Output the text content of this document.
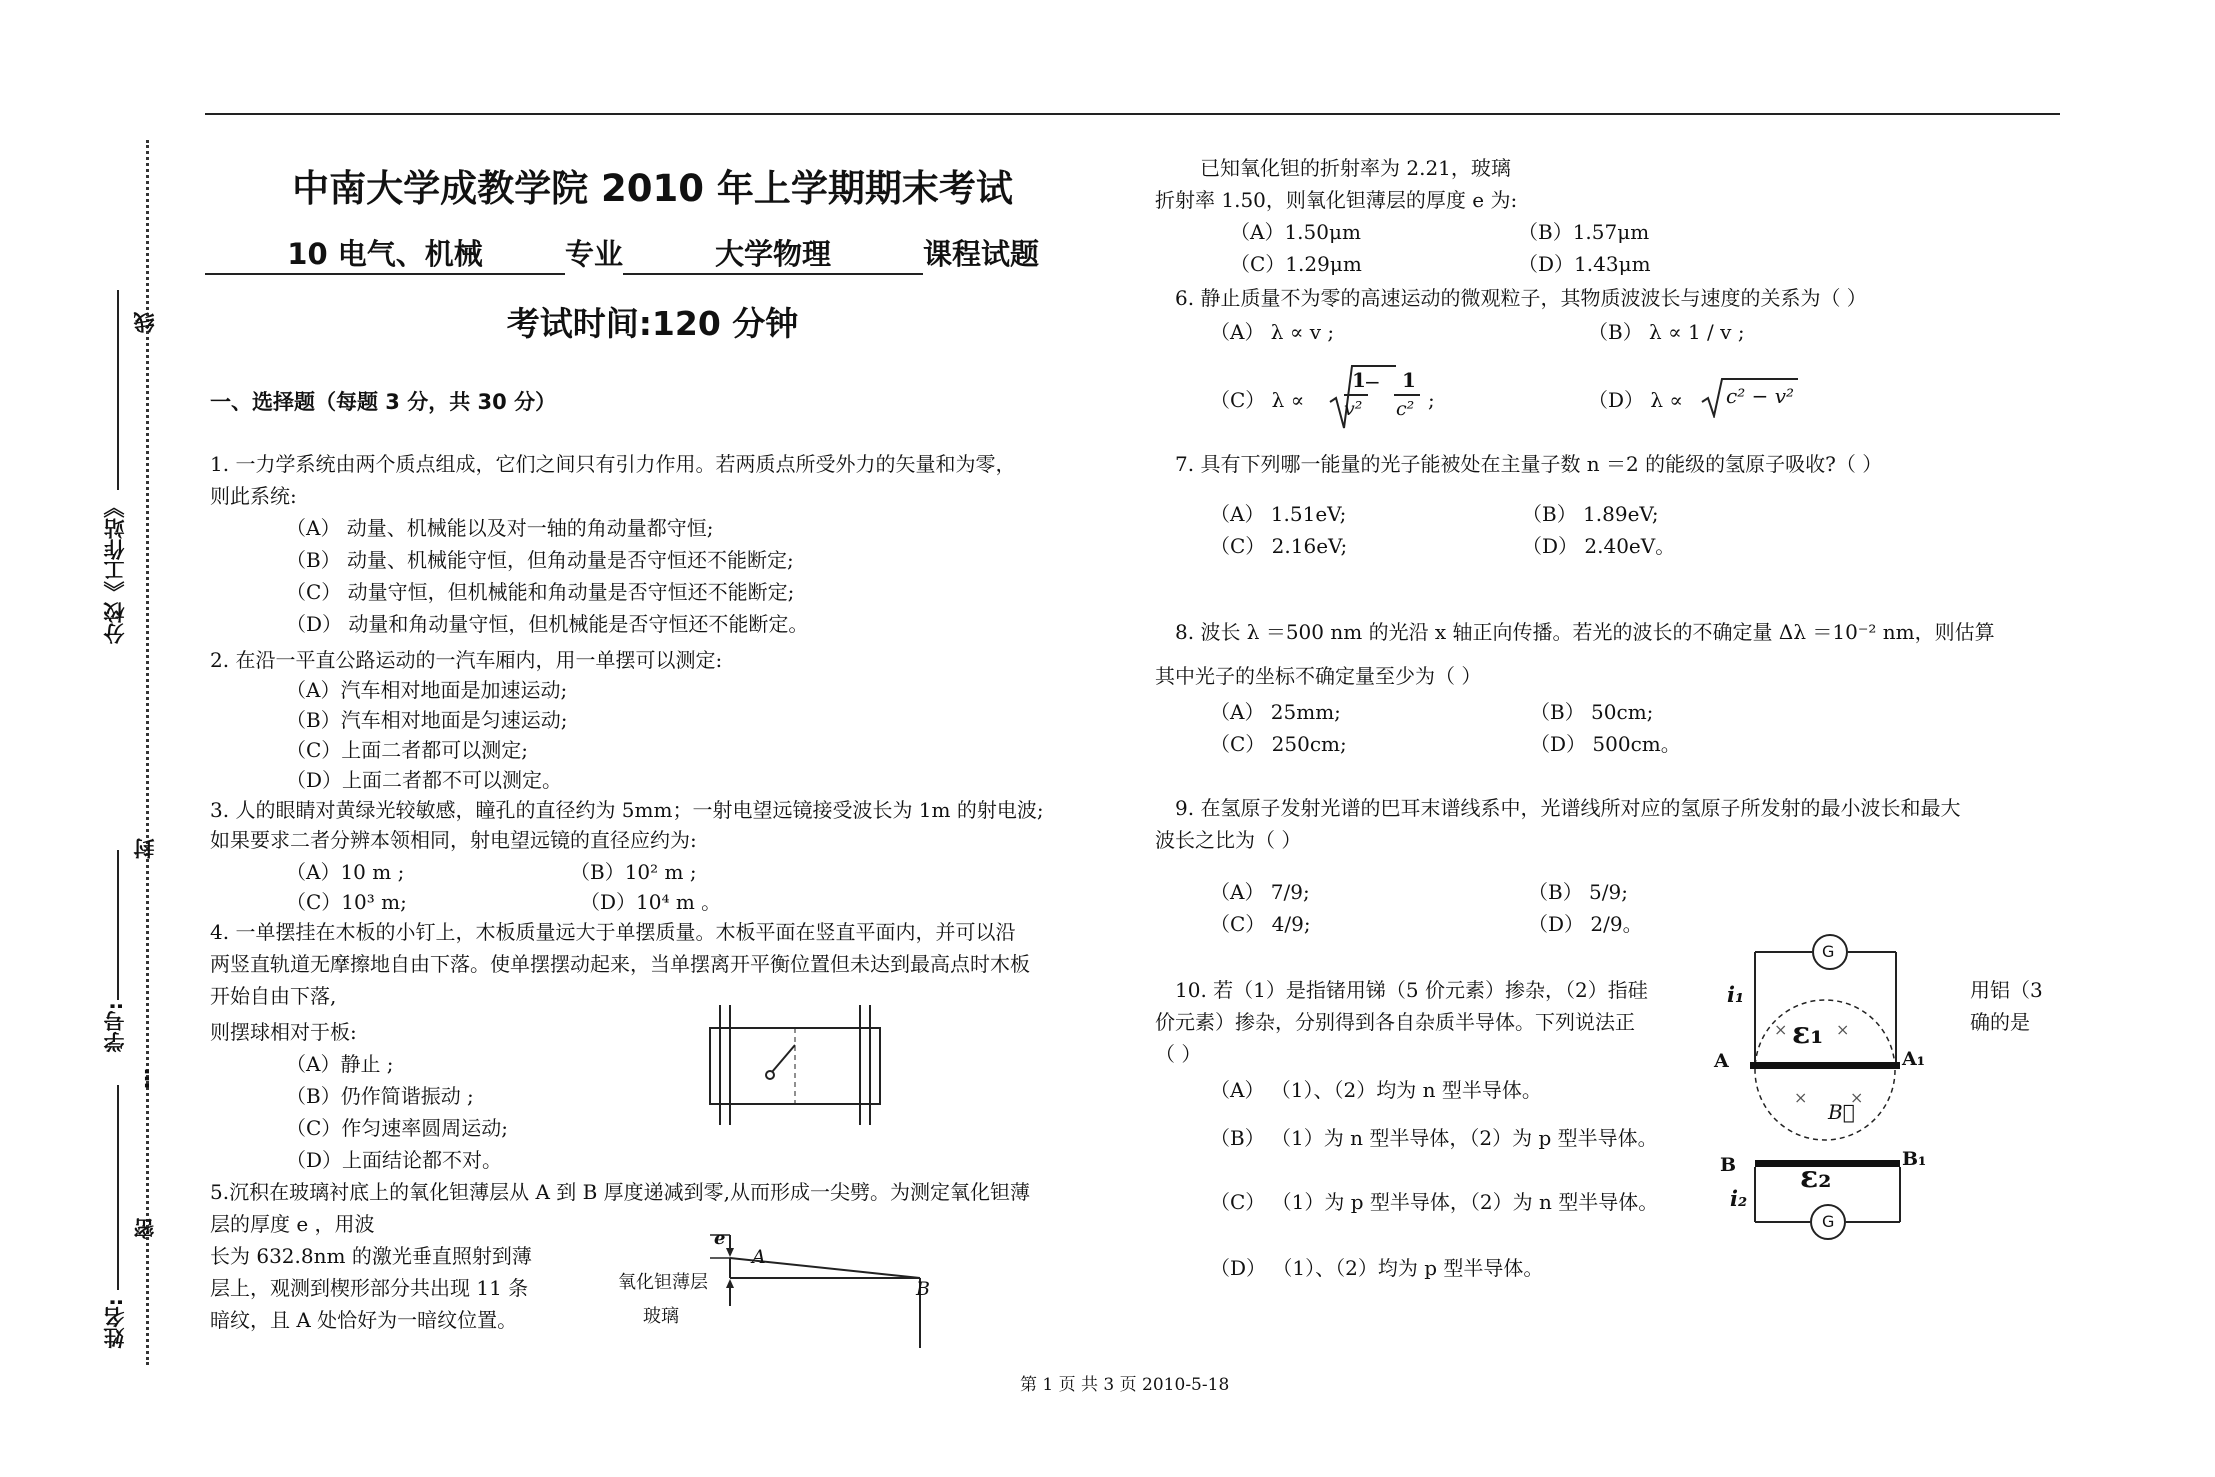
线
分校《工作站》
封
学号:
…
密
姓名:
中南大学成教学院 2010 年上学期期末考试
10 电气、机械	专业	大学物理	课程试题
考试时间:120 分钟
一、选择题（每题 3 分，共 30 分）
1. 一力学系统由两个质点组成，它们之间只有引力作用。若两质点所受外力的矢量和为零，
则此系统:
（A） 动量、机械能以及对一轴的角动量都守恒;
（B） 动量、机械能守恒，但角动量是否守恒还不能断定;
（C） 动量守恒，但机械能和角动量是否守恒还不能断定;
（D） 动量和角动量守恒，但机械能是否守恒还不能断定。
2. 在沿一平直公路运动的一汽车厢内，用一单摆可以测定:
（A）汽车相对地面是加速运动;
（B）汽车相对地面是匀速运动;
（C）上面二者都可以测定;
（D）上面二者都不可以测定。
3. 人的眼睛对黄绿光较敏感，瞳孔的直径约为 5mm；一射电望远镜接受波长为 1m 的射电波;
如果要求二者分辨本领相同，射电望远镜的直径应约为:
（A）10 m ;	（B）10² m ;
（C）10³ m;	（D）10⁴ m 。
4. 一单摆挂在木板的小钉上，木板质量远大于单摆质量。木板平面在竖直平面内，并可以沿
两竖直轨道无摩擦地自由下落。使单摆摆动起来，当单摆离开平衡位置但未达到最高点时木板
开始自由下落,
则摆球相对于板:
（A）静止 ;
（B）仍作简谐振动 ;
（C）作匀速率圆周运动;
（D）上面结论都不对。
5.沉积在玻璃衬底上的氧化钽薄层从 A 到 B 厚度递减到零,从而形成一尖劈。为测定氧化钽薄
层的厚度 e ，用波
长为 632.8nm 的激光垂直照射到薄
层上，观测到楔形部分共出现 11 条
暗纹，且 A 处恰好为一暗纹位置。
e
A
B
氧化钽薄层
玻璃
已知氧化钽的折射率为 2.21，玻璃
折射率 1.50，则氧化钽薄层的厚度 e 为:
（A）1.50μm	（B）1.57μm
（C）1.29μm	（D）1.43μm
6. 静止质量不为零的高速运动的微观粒子，其物质波波长与速度的关系为（ ）
（A） λ ∝ v ;	（B） λ ∝ 1 / v ;
（C） λ ∝
1
−
v²
1
c² ;	（D） λ ∝ c² − v²
7. 具有下列哪一能量的光子能被处在主量子数 n ＝2 的能级的氢原子吸收?（ ）
（A） 1.51eV;	（B） 1.89eV;
（C） 2.16eV;	（D） 2.40eV。
8. 波长 λ ＝500 nm 的光沿 x 轴正向传播。若光的波长的不确定量 Δλ ＝10⁻² nm，则估算
其中光子的坐标不确定量至少为（ ）
（A） 25mm;	（B） 50cm;
（C） 250cm;	（D） 500cm。
9. 在氢原子发射光谱的巴耳末谱线系中，光谱线所对应的氢原子所发射的最小波长和最大
波长之比为（ ）
（A） 7/9;	（B） 5/9;
（C） 4/9;	（D） 2/9。
10. 若（1）是指锗用锑（5 价元素）掺杂，（2）指硅	用铝（3
价元素）掺杂，分别得到各自杂质半导体。下列说法正	确的是
（ ）
（A） （1）、（2）均为 n 型半导体。
（B） （1）为 n 型半导体，（2）为 p 型半导体。
（C） （1）为 p 型半导体，（2）为 n 型半导体。
（D） （1）、（2）均为 p 型半导体。
G
G
i₁
i₂
ε₁
ε₂
A	A₁
B	B₁
B⃗
×	×
×	×
第 1 页 共 3 页 2010-5-18
